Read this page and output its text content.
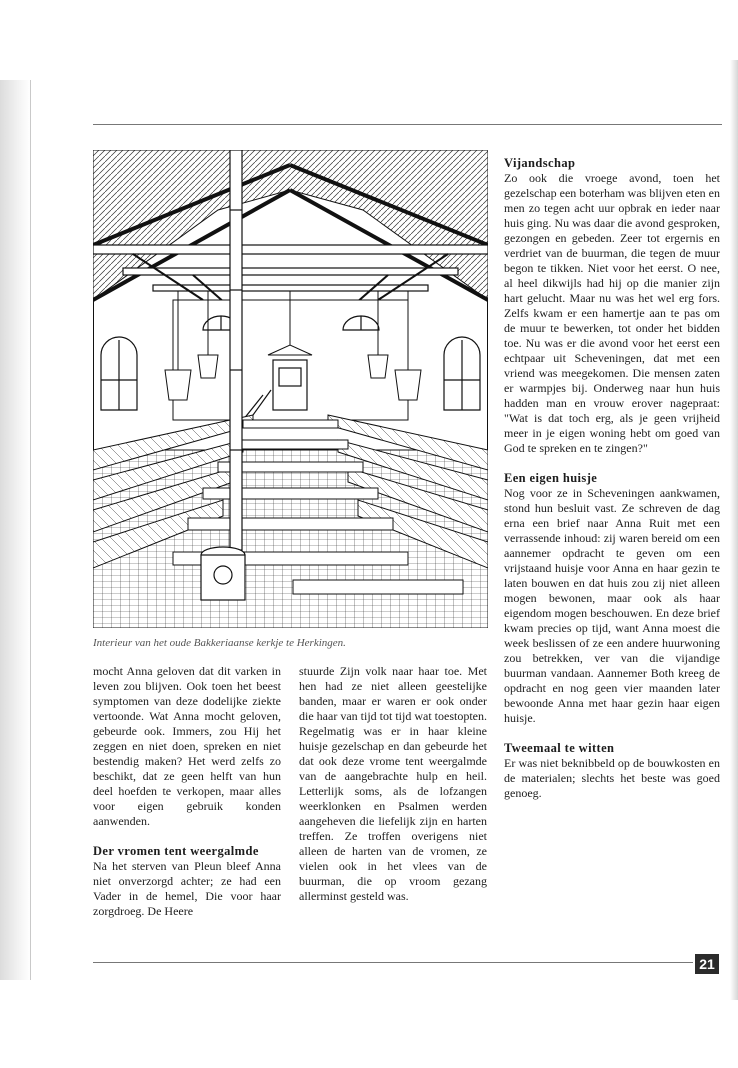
Interieur van het oude Bakkeriaanse kerkje te Herkingen.

mocht Anna geloven dat dit varken in leven zou blijven. Ook toen het beest symptomen van deze dodelijke ziekte vertoonde. Wat Anna mocht geloven, gebeurde ook. Immers, zou Hij het zeggen en niet doen, spreken en niet bestendig maken? Het werd zelfs zo beschikt, dat ze geen helft van hun deel hoefden te verkopen, maar alles voor eigen gebruik konden aanwenden.

Der vromen tent weergalmde

Na het sterven van Pleun bleef Anna niet onverzorgd achter; ze had een Vader in de hemel, Die voor haar zorgdroeg. De Heere

stuurde Zijn volk naar haar toe. Met hen had ze niet alleen geestelijke banden, maar er waren er ook onder die haar van tijd tot tijd wat toestopten. Regelmatig was er in haar kleine huisje gezelschap en dan gebeurde het dat ook deze vrome tent weergalmde van de aangebrachte hulp en heil. Letterlijk soms, als de lofzangen weerklonken en Psalmen werden aangeheven die liefelijk zijn en harten treffen. Ze troffen overigens niet alleen de harten van de vromen, ze vielen ook in het vlees van de buurman, die op vroom gezang allerminst gesteld was.

Vijandschap

Zo ook die vroege avond, toen het gezelschap een boterham was blijven eten en men zo tegen acht uur opbrak en ieder naar huis ging. Nu was daar die avond gesproken, gezongen en gebeden. Zeer tot ergernis en verdriet van de buurman, die tegen de muur begon te tikken. Niet voor het eerst. O nee, al heel dikwijls had hij op die manier zijn hart gelucht. Maar nu was het wel erg fors. Zelfs kwam er een hamertje aan te pas om de muur te bewerken, tot onder het bidden toe. Nu was er die avond voor het eerst een echtpaar uit Scheveningen, dat met een vriend was meegekomen. Die mensen zaten er warmpjes bij. Onderweg naar hun huis hadden man en vrouw erover nagepraat: "Wat is dat toch erg, als je geen vrijheid meer in je eigen woning hebt om goed van God te spreken en te zingen?"

Een eigen huisje

Nog voor ze in Scheveningen aankwamen, stond hun besluit vast. Ze schreven de dag erna een brief naar Anna Ruit met een verrassende inhoud: zij waren bereid om een aannemer opdracht te geven om een vrijstaand huisje voor Anna en haar gezin te laten bouwen en dat huis zou zij niet alleen mogen bewonen, maar ook als haar eigendom mogen beschouwen. En deze brief kwam precies op tijd, want Anna moest die week beslissen of ze een andere huurwoning zou betrekken, ver van die vijandige buurman vandaan. Aannemer Both kreeg de opdracht en nog geen vier maanden later bewoonde Anna met haar gezin haar eigen huisje.

Tweemaal te witten

Er was niet beknibbeld op de bouwkosten en de materialen; slechts het beste was goed genoeg.

21
